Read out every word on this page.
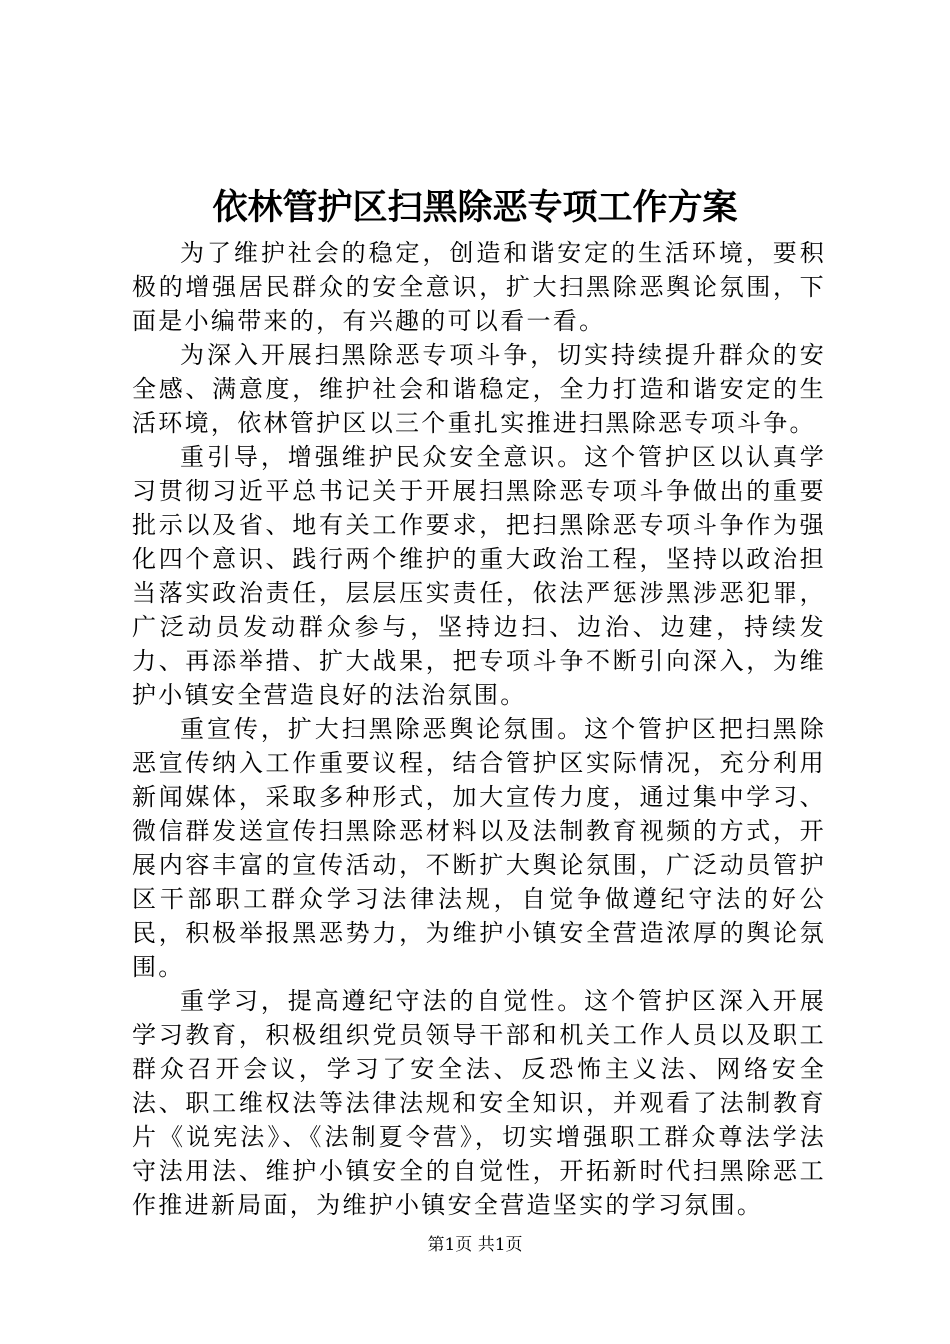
依林管护区扫黑除恶专项工作方案

为了维护社会的稳定，创造和谐安定的生活环境，要积极的增强居民群众的安全意识，扩大扫黑除恶舆论氛围，下面是小编带来的，有兴趣的可以看一看。

为深入开展扫黑除恶专项斗争，切实持续提升群众的安全感、满意度，维护社会和谐稳定，全力打造和谐安定的生活环境，依林管护区以三个重扎实推进扫黑除恶专项斗争。

重引导，增强维护民众安全意识。这个管护区以认真学习贯彻习近平总书记关于开展扫黑除恶专项斗争做出的重要批示以及省、地有关工作要求，把扫黑除恶专项斗争作为强化四个意识、践行两个维护的重大政治工程，坚持以政治担当落实政治责任，层层压实责任，依法严惩涉黑涉恶犯罪，广泛动员发动群众参与，坚持边扫、边治、边建，持续发力、再添举措、扩大战果，把专项斗争不断引向深入，为维护小镇安全营造良好的法治氛围。

重宣传，扩大扫黑除恶舆论氛围。这个管护区把扫黑除恶宣传纳入工作重要议程，结合管护区实际情况，充分利用新闻媒体，采取多种形式，加大宣传力度，通过集中学习、微信群发送宣传扫黑除恶材料以及法制教育视频的方式，开展内容丰富的宣传活动，不断扩大舆论氛围，广泛动员管护区干部职工群众学习法律法规，自觉争做遵纪守法的好公民，积极举报黑恶势力，为维护小镇安全营造浓厚的舆论氛围。

重学习，提高遵纪守法的自觉性。这个管护区深入开展学习教育，积极组织党员领导干部和机关工作人员以及职工群众召开会议，学习了安全法、反恐怖主义法、网络安全法、职工维权法等法律法规和安全知识，并观看了法制教育片《说宪法》、《法制夏令营》，切实增强职工群众尊法学法守法用法、维护小镇安全的自觉性，开拓新时代扫黑除恶工作推进新局面，为维护小镇安全营造坚实的学习氛围。

第1页 共1页
